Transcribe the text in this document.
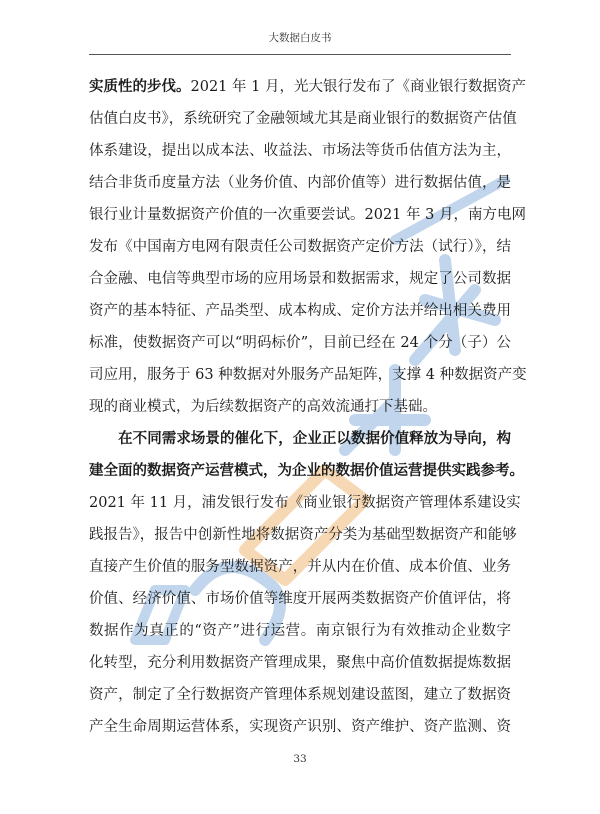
大数据白皮书
实质性的步伐。2021 年 1 月，光大银行发布了《商业银行数据资产
估值白皮书》，系统研究了金融领域尤其是商业银行的数据资产估值
体系建设，提出以成本法、收益法、市场法等货币估值方法为主，
结合非货币度量方法（业务价值、内部价值等）进行数据估值，是
银行业计量数据资产价值的一次重要尝试。2021 年 3 月，南方电网
发布《中国南方电网有限责任公司数据资产定价方法（试行）》，结
合金融、电信等典型市场的应用场景和数据需求，规定了公司数据
资产的基本特征、产品类型、成本构成、定价方法并给出相关费用
标准，使数据资产可以“明码标价”，目前已经在 24 个分（子）公
司应用，服务于 63 种数据对外服务产品矩阵，支撑 4 种数据资产变
现的商业模式，为后续数据资产的高效流通打下基础。
　　在不同需求场景的催化下，企业正以数据价值释放为导向，构
建全面的数据资产运营模式，为企业的数据价值运营提供实践参考。
2021 年 11 月，浦发银行发布《商业银行数据资产管理体系建设实
践报告》，报告中创新性地将数据资产分类为基础型数据资产和能够
直接产生价值的服务型数据资产，并从内在价值、成本价值、业务
价值、经济价值、市场价值等维度开展两类数据资产价值评估，将
数据作为真正的“资产”进行运营。南京银行为有效推动企业数字
化转型，充分利用数据资产管理成果，聚焦中高价值数据提炼数据
资产，制定了全行数据资产管理体系规划建设蓝图，建立了数据资
产全生命周期运营体系，实现资产识别、资产维护、资产监测、资
33
